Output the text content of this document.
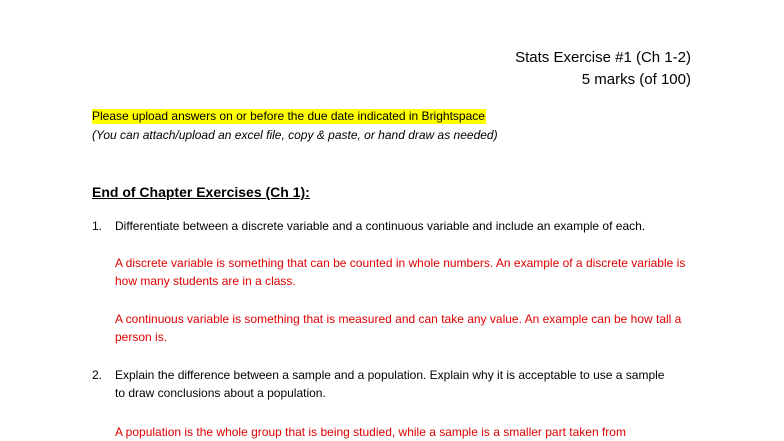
Stats Exercise #1 (Ch 1-2)
5 marks (of 100)
Please upload answers on or before the due date indicated in Brightspace
(You can attach/upload an excel file, copy & paste, or hand draw as needed)
End of Chapter Exercises (Ch 1):
1. Differentiate between a discrete variable and a continuous variable and include an example of each.
A discrete variable is something that can be counted in whole numbers. An example of a discrete variable is how many students are in a class.
A continuous variable is something that is measured and can take any value. An example can be how tall a person is.
2. Explain the difference between a sample and a population. Explain why it is acceptable to use a sample to draw conclusions about a population.
A population is the whole group that is being studied, while a sample is a smaller part taken from
